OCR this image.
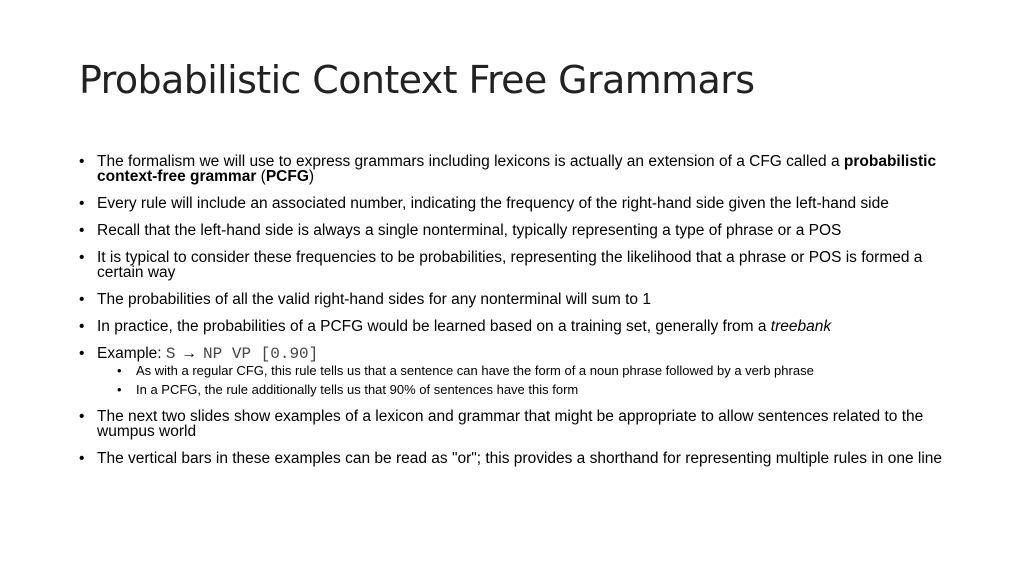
Probabilistic Context Free Grammars
• The formalism we will use to express grammars including lexicons is actually an extension of a CFG called a probabilistic context-free grammar (PCFG)
• Every rule will include an associated number, indicating the frequency of the right-hand side given the left-hand side
• Recall that the left-hand side is always a single nonterminal, typically representing a type of phrase or a POS
• It is typical to consider these frequencies to be probabilities, representing the likelihood that a phrase or POS is formed a certain way
• The probabilities of all the valid right-hand sides for any nonterminal will sum to 1
• In practice, the probabilities of a PCFG would be learned based on a training set, generally from a treebank
• Example: S → NP VP [0.90]
• As with a regular CFG, this rule tells us that a sentence can have the form of a noun phrase followed by a verb phrase
• In a PCFG, the rule additionally tells us that 90% of sentences have this form
• The next two slides show examples of a lexicon and grammar that might be appropriate to allow sentences related to the wumpus world
• The vertical bars in these examples can be read as "or"; this provides a shorthand for representing multiple rules in one line
